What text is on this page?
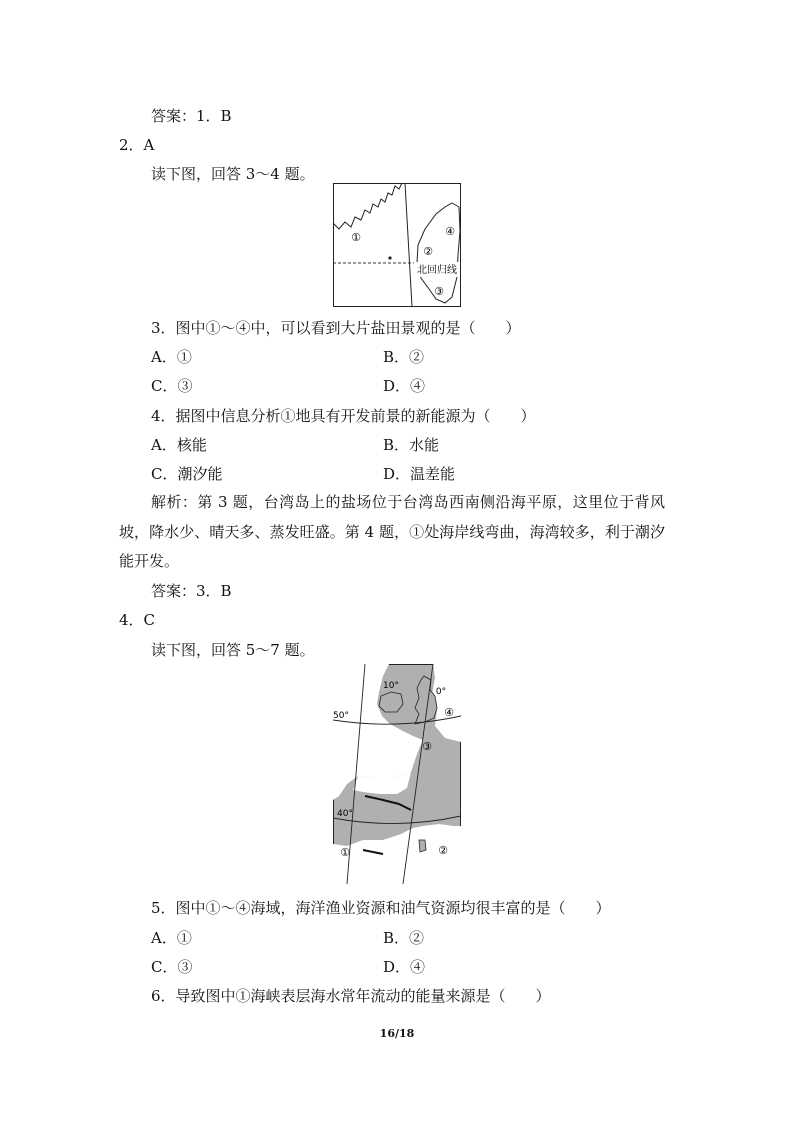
答案：1．B
2．A
读下图，回答 3～4 题。
北回归线
①
②
③
④
3．图中①～④中，可以看到大片盐田景观的是（　　）
A．①	B．②
C．③	D．④
4．据图中信息分析①地具有开发前景的新能源为（　　）
A．核能	B．水能
C．潮汐能	D．温差能
解析：第 3 题，台湾岛上的盐场位于台湾岛西南侧沿海平原，这里位于背风坡，降水少、晴天多、蒸发旺盛。第 4 题，①处海岸线弯曲，海湾较多，利于潮汐能开发。
答案：3．B
4．C
读下图，回答 5～7 题。
10°
0°
50°
40°
①	②
③
④
5．图中①～④海域，海洋渔业资源和油气资源均很丰富的是（　　）
A．①	B．②
C．③	D．④
6．导致图中①海峡表层海水常年流动的能量来源是（　　）
16/18
